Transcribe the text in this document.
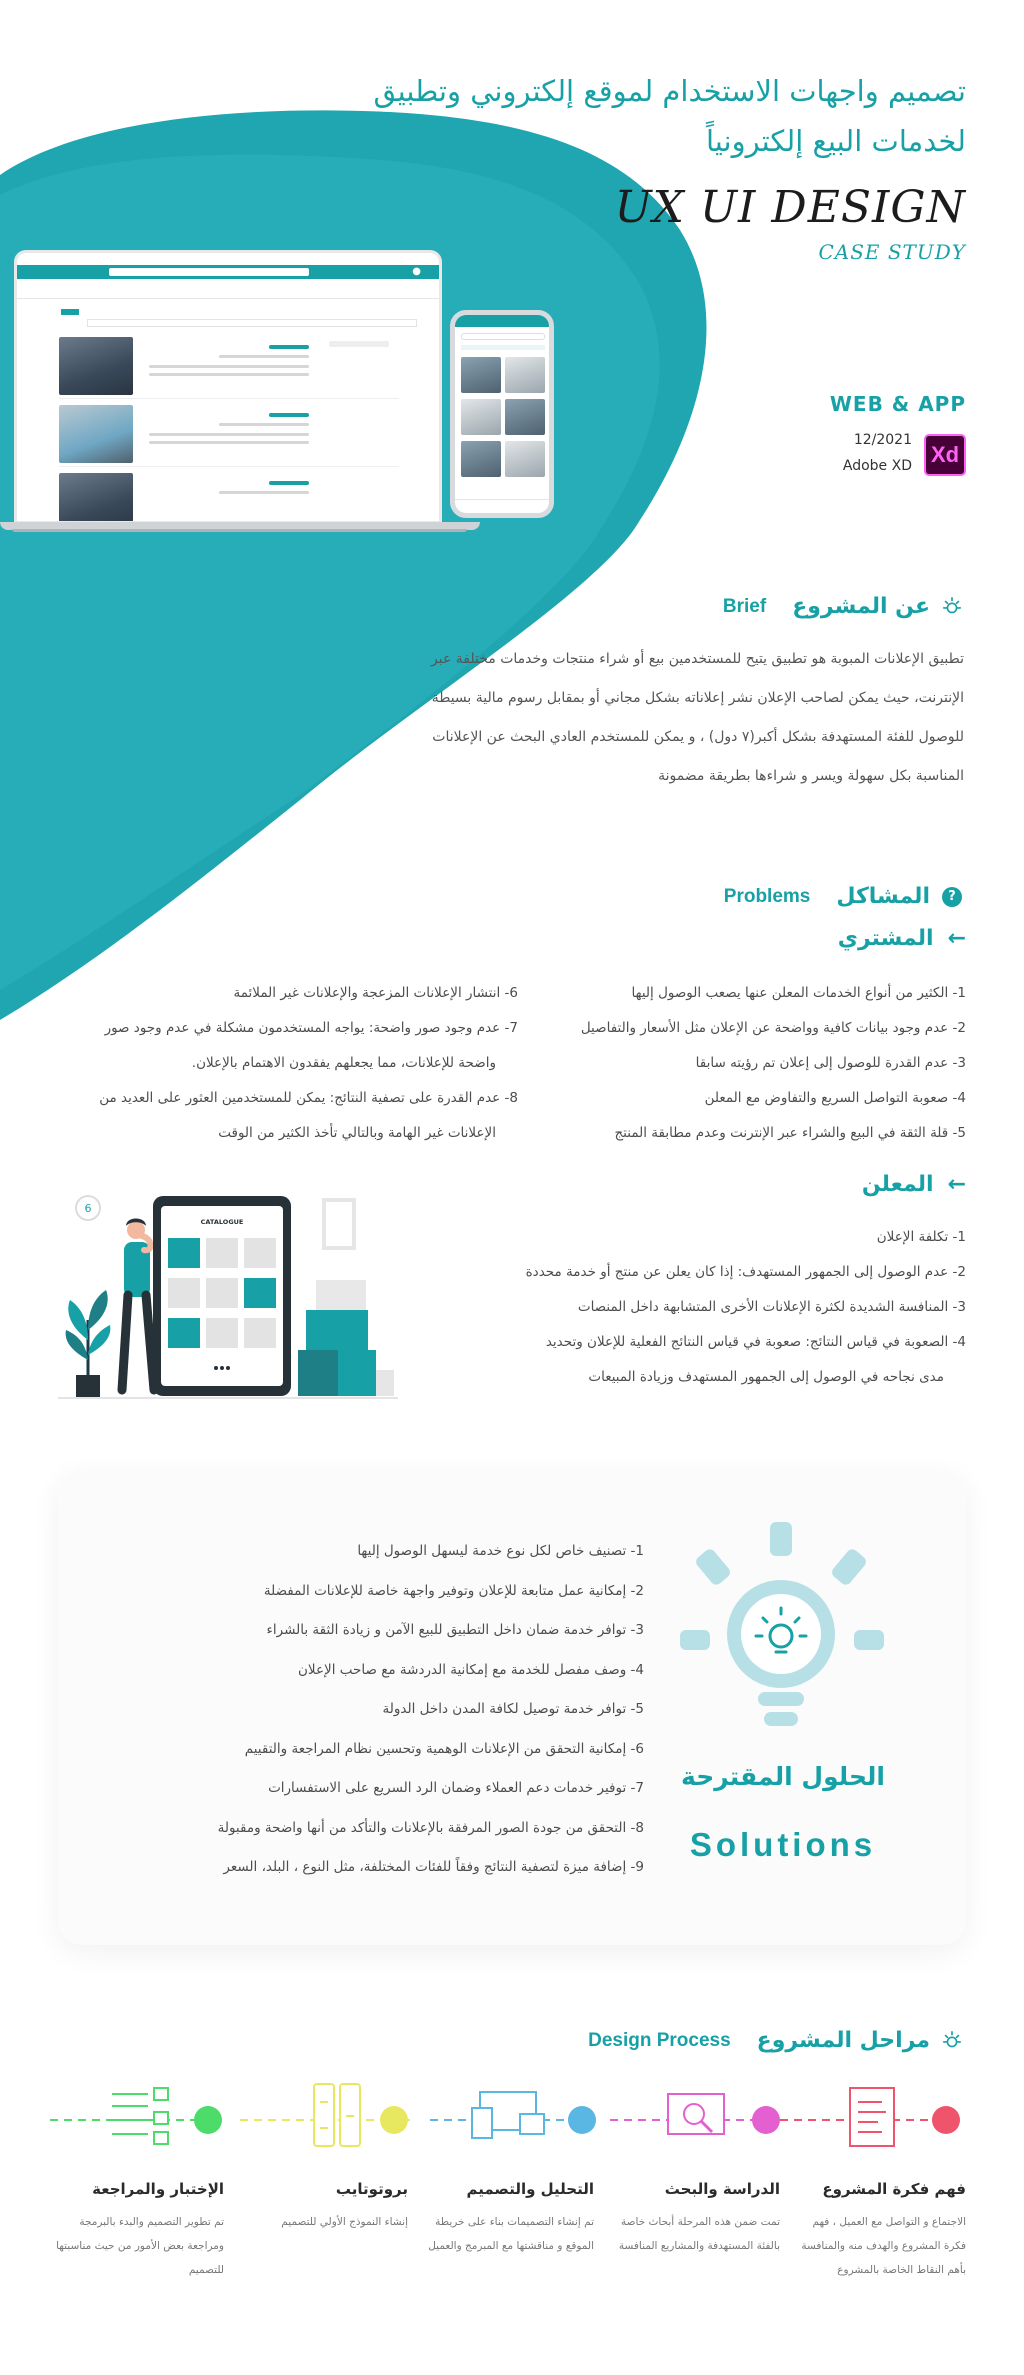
تصميم واجهات الاستخدام لموقع إلكتروني وتطبيق لخدمات البيع إلكترونياً
UX UI DESIGN
CASE STUDY
WEB & APP
12/2021
Adobe XD Xd
●
عن المشروع
Brief
تطبيق الإعلانات المبوبة هو تطبيق يتيح للمستخدمين بيع أو شراء منتجات وخدمات مختلفة عبر الإنترنت، حيث يمكن لصاحب الإعلان نشر إعلاناته بشكل مجاني أو بمقابل رسوم مالية بسيطة للوصول للفئة المستهدفة بشكل أكبر(٧ دول) ، و يمكن للمستخدم العادي البحث عن الإعلانات المناسبة بكل سهولة ويسر و شراءها بطريقة مضمونة
?
المشاكل
Problems
←
المشتري
1- الكثير من أنواع الخدمات المعلن عنها يصعب الوصول إليها
2- عدم وجود بيانات كافية وواضحة عن الإعلان مثل الأسعار والتفاصيل
3- عدم القدرة للوصول إلى إعلان تم رؤيته سابقا
4- صعوبة التواصل السريع والتفاوض مع المعلن
5- قلة الثقة في البيع والشراء عبر الإنترنت وعدم مطابقة المنتج
6- انتشار الإعلانات المزعجة والإعلانات غير الملائمة
7- عدم وجود صور واضحة: يواجه المستخدمون مشكلة في عدم وجود صور
واضحة للإعلانات، مما يجعلهم يفقدون الاهتمام بالإعلان.
8- عدم القدرة على تصفية النتائج: يمكن للمستخدمين العثور على العديد من
الإعلانات غير الهامة وبالتالي تأخذ الكثير من الوقت
←
المعلن
1- تكلفة الإعلان
2- عدم الوصول إلى الجمهور المستهدف: إذا كان يعلن عن منتج أو خدمة محددة
3- المنافسة الشديدة لكثرة الإعلانات الأخرى المتشابهة داخل المنصات
4- الصعوبة في قياس النتائج: صعوبة في قياس النتائج الفعلية للإعلان وتحديد
مدى نجاحه في الوصول إلى الجمهور المستهدف وزيادة المبيعات
6
CATALOGUE
1- تصنيف خاص لكل نوع خدمة ليسهل الوصول إليها
2- إمكانية عمل متابعة للإعلان وتوفير واجهة خاصة للإعلانات المفضلة
3- توافر خدمة ضمان داخل التطبيق للبيع الآمن و زيادة الثقة بالشراء
4- وصف مفصل للخدمة مع إمكانية الدردشة مع صاحب الإعلان
5- توافر خدمة توصيل لكافة المدن داخل الدولة
6- إمكانية التحقق من الإعلانات الوهمية وتحسين نظام المراجعة والتقييم
7- توفير خدمات دعم العملاء وضمان الرد السريع على الاستفسارات
8- التحقق من جودة الصور المرفقة بالإعلانات والتأكد من أنها واضحة ومقبولة
9- إضافة ميزة لتصفية النتائج وفقاً للفئات المختلفة، مثل النوع ، البلد، السعر
الحلول المقترحة
Solutions
مراحل المشروع
Design Process
فهم فكرة المشروع
الاجتماع و التواصل مع العميل ، فهم فكرة المشروع والهدف منه والمنافسة بأهم النقاط الخاصة بالمشروع
الدراسة والبحث
تمت ضمن هذه المرحلة أبحاث خاصة بالفئة المستهدفة والمشاريع المنافسة
التحليل والتصميم
تم إنشاء التصميمات بناء على خريطة الموقع و مناقشتها مع المبرمج والعميل
بروتوتايب
إنشاء النموذج الأولي للتصميم
الإختبار والمراجعة
تم تطوير التصميم والبدء بالبرمجة ومراجعة بعض الأمور من حيث مناسبتها للتصميم
